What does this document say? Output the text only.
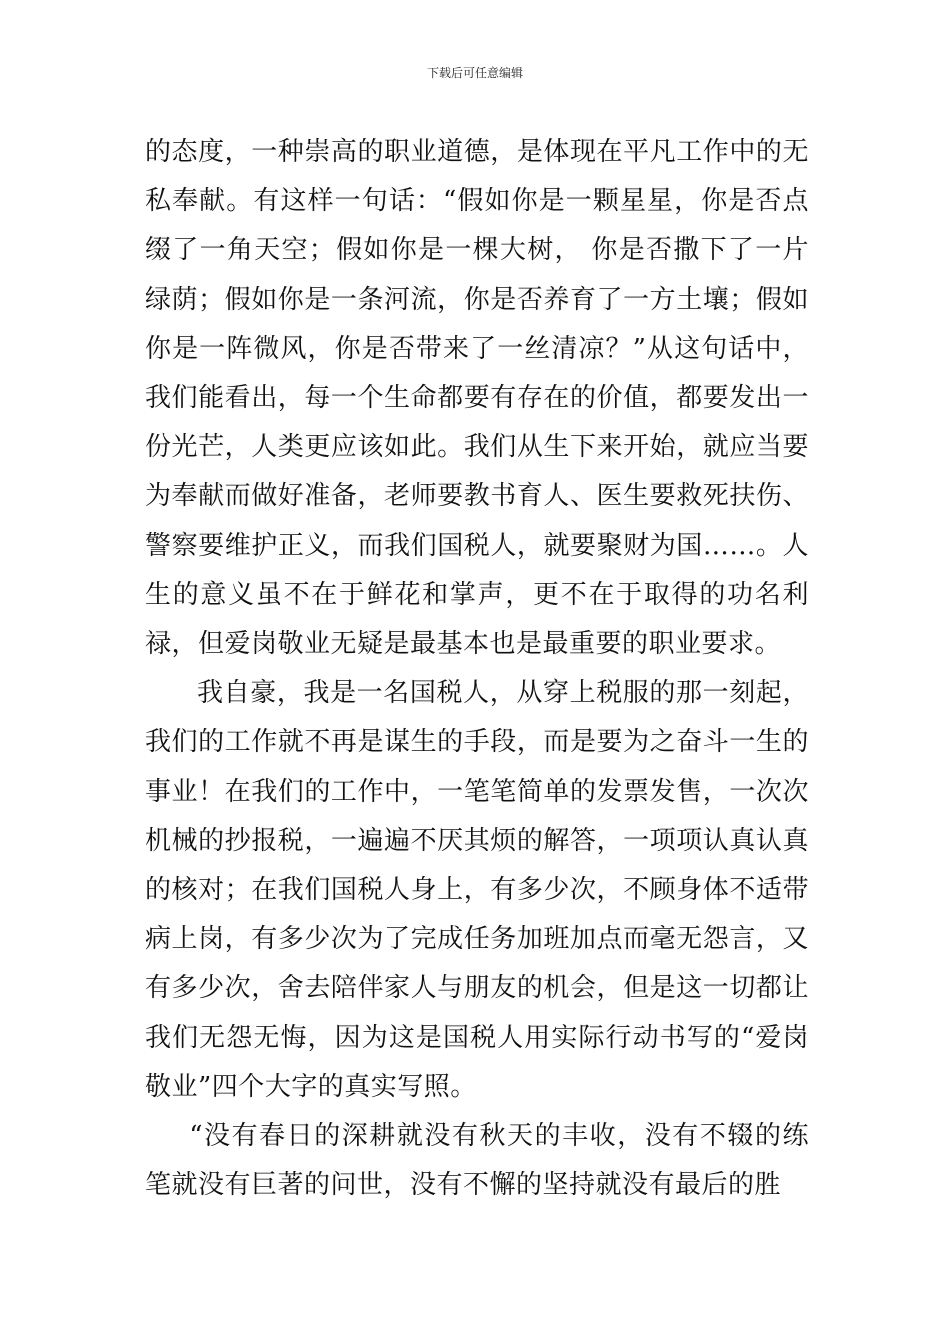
下载后可任意编辑

的态度，一种崇高的职业道德，是体现在平凡工作中的无私奉献。有这样一句话：“假如你是一颗星星，你是否点缀了一角天空；假如你是一棵大树， 你是否撒下了一片绿荫；假如你是一条河流，你是否养育了一方土壤；假如你是一阵微风，你是否带来了一丝清凉？”从这句话中，我们能看出，每一个生命都要有存在的价值，都要发出一份光芒，人类更应该如此。我们从生下来开始，就应当要为奉献而做好准备，老师要教书育人、医生要救死扶伤、警察要维护正义，而我们国税人，就要聚财为国……。人生的意义虽不在于鲜花和掌声，更不在于取得的功名利禄，但爱岗敬业无疑是最基本也是最重要的职业要求。

我自豪，我是一名国税人，从穿上税服的那一刻起，我们的工作就不再是谋生的手段，而是要为之奋斗一生的事业！在我们的工作中，一笔笔简单的发票发售，一次次机械的抄报税，一遍遍不厌其烦的解答，一项项认真认真的核对；在我们国税人身上，有多少次，不顾身体不适带病上岗，有多少次为了完成任务加班加点而毫无怨言，又有多少次，舍去陪伴家人与朋友的机会，但是这一切都让我们无怨无悔，因为这是国税人用实际行动书写的“爱岗敬业”四个大字的真实写照。

“没有春日的深耕就没有秋天的丰收，没有不辍的练笔就没有巨著的问世，没有不懈的坚持就没有最后的胜
